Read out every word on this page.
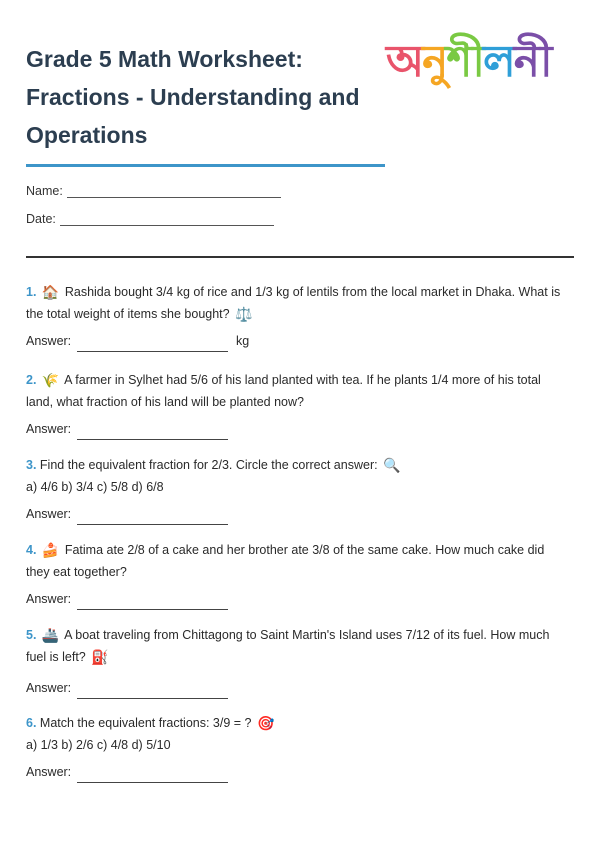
Grade 5 Math Worksheet:
Fractions - Understanding and
Operations
অ নু শী ল নী
Name:
Date:
1. 🏠 Rashida bought 3/4 kg of rice and 1/3 kg of lentils from the local market in Dhaka. What is the total weight of items she bought? ⚖️
Answer:	kg
2. 🌾 A farmer in Sylhet had 5/6 of his land planted with tea. If he plants 1/4 more of his total land, what fraction of his land will be planted now?
Answer:
3. Find the equivalent fraction for 2/3. Circle the correct answer: 🔍
a) 4/6 b) 3/4 c) 5/8 d) 6/8
Answer:
4. 🍰 Fatima ate 2/8 of a cake and her brother ate 3/8 of the same cake. How much cake did they eat together?
Answer:
5. 🚢 A boat traveling from Chittagong to Saint Martin's Island uses 7/12 of its fuel. How much fuel is left? ⛽
Answer:
6. Match the equivalent fractions: 3/9 = ? 🎯
a) 1/3 b) 2/6 c) 4/8 d) 5/10
Answer:
